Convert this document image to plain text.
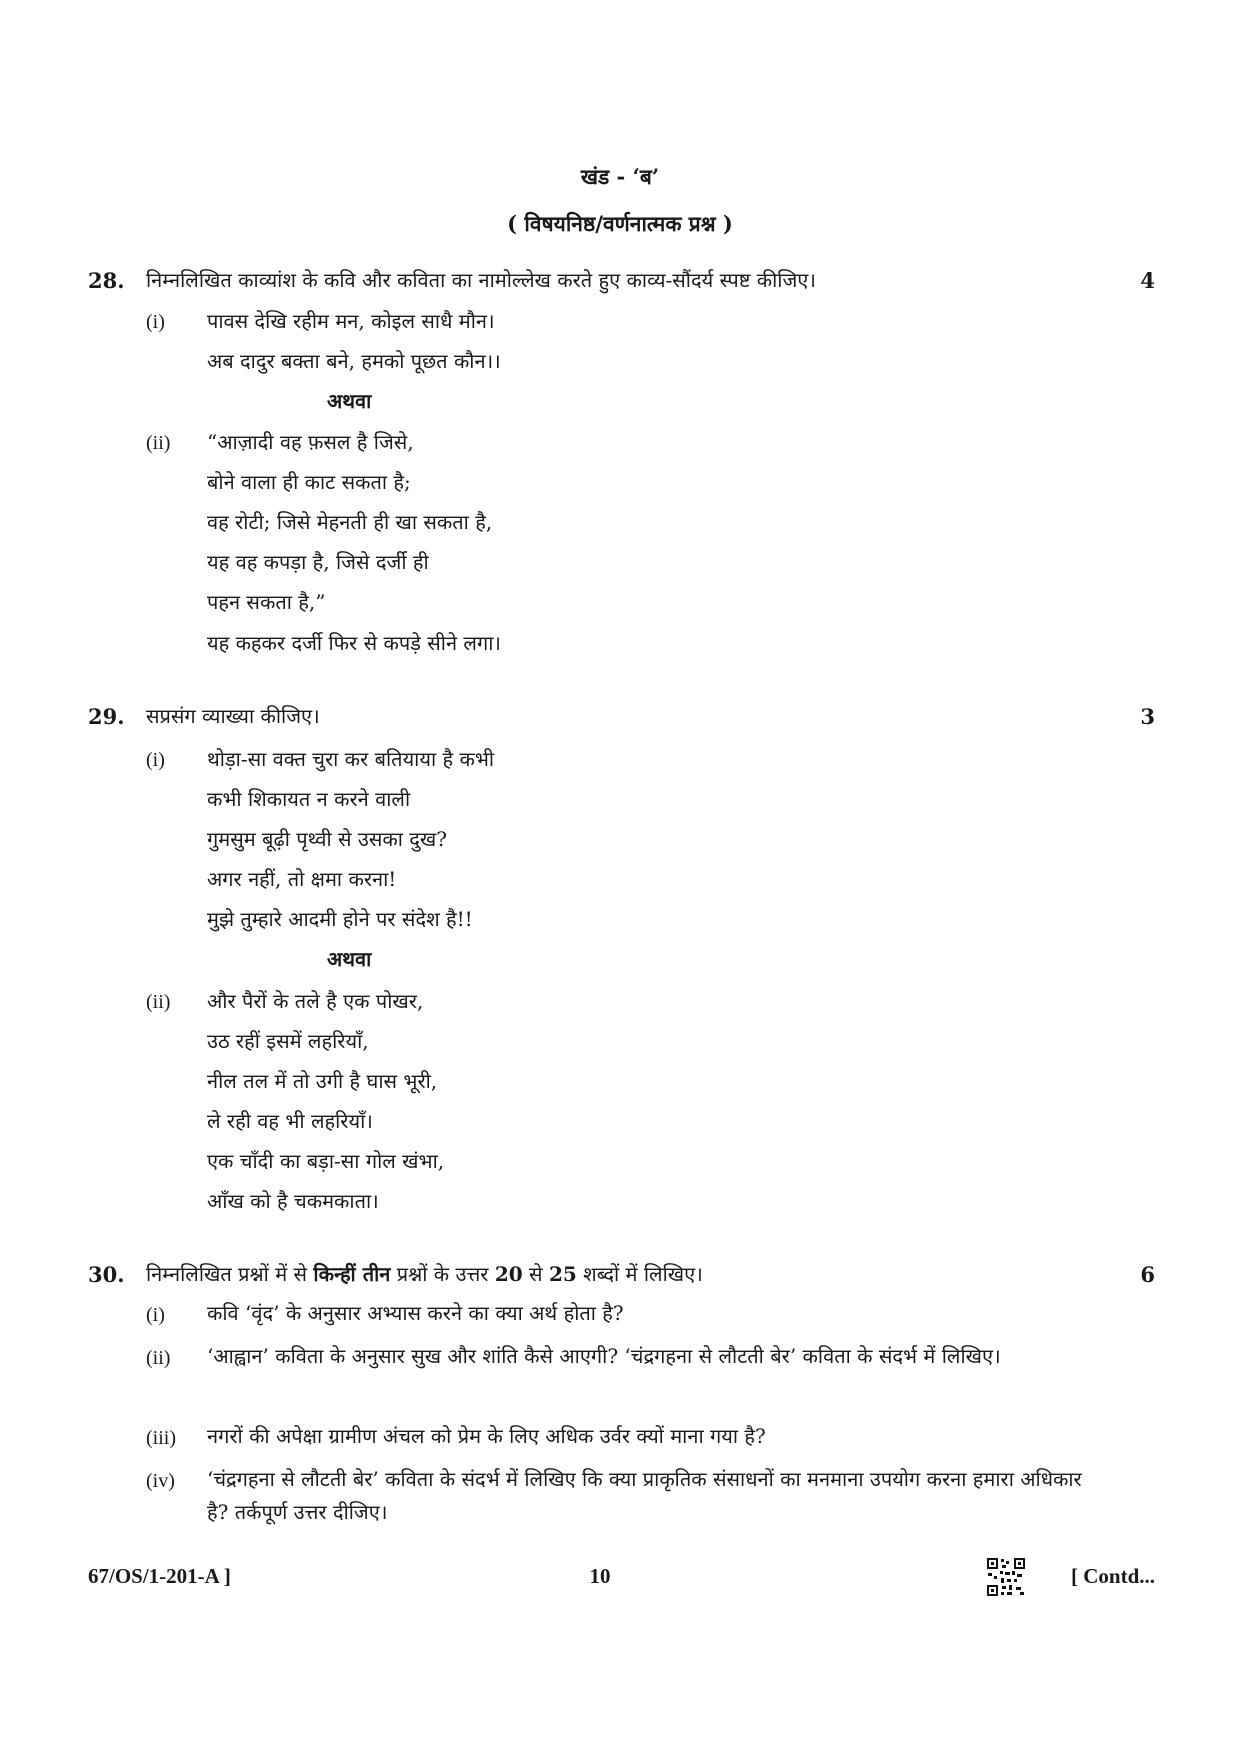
खंड - ‘ब’
( विषयनिष्ठ/वर्णनात्मक प्रश्न )
28. निम्नलिखित काव्यांश के कवि और कविता का नामोल्लेख करते हुए काव्य-सौंदर्य स्पष्ट कीजिए।	4
(i) पावस देखि रहीम मन, कोइल साधै मौन।
अब दादुर बक्ता बने, हमको पूछत कौन।।
अथवा
(ii) “आज़ादी वह फ़सल है जिसे,
बोने वाला ही काट सकता है;
वह रोटी; जिसे मेहनती ही खा सकता है,
यह वह कपड़ा है, जिसे दर्जी ही
पहन सकता है,”
यह कहकर दर्जी फिर से कपड़े सीने लगा।
29. सप्रसंग व्याख्या कीजिए।	3
(i) थोड़ा-सा वक्त चुरा कर बतियाया है कभी
कभी शिकायत न करने वाली
गुमसुम बूढ़ी पृथ्वी से उसका दुख?
अगर नहीं, तो क्षमा करना!
मुझे तुम्हारे आदमी होने पर संदेश है!!
अथवा
(ii) और पैरों के तले है एक पोखर,
उठ रहीं इसमें लहरियाँ,
नील तल में तो उगी है घास भूरी,
ले रही वह भी लहरियाँ।
एक चाँदी का बड़ा-सा गोल खंभा,
आँख को है चकमकाता।
30. निम्नलिखित प्रश्नों में से किन्हीं तीन प्रश्नों के उत्तर 20 से 25 शब्दों में लिखिए।	6
(i) कवि ‘वृंद’ के अनुसार अभ्यास करने का क्या अर्थ होता है?
(ii) ‘आह्वान’ कविता के अनुसार सुख और शांति कैसे आएगी? ‘चंद्रगहना से लौटती बेर’ कविता के संदर्भ में लिखिए।
(iii) नगरों की अपेक्षा ग्रामीण अंचल को प्रेम के लिए अधिक उर्वर क्यों माना गया है?
(iv) ‘चंद्रगहना से लौटती बेर’ कविता के संदर्भ में लिखिए कि क्या प्राकृतिक संसाधनों का मनमाना उपयोग करना हमारा अधिकार है? तर्कपूर्ण उत्तर दीजिए।
67/OS/1-201-A ]	10	[ Contd...
